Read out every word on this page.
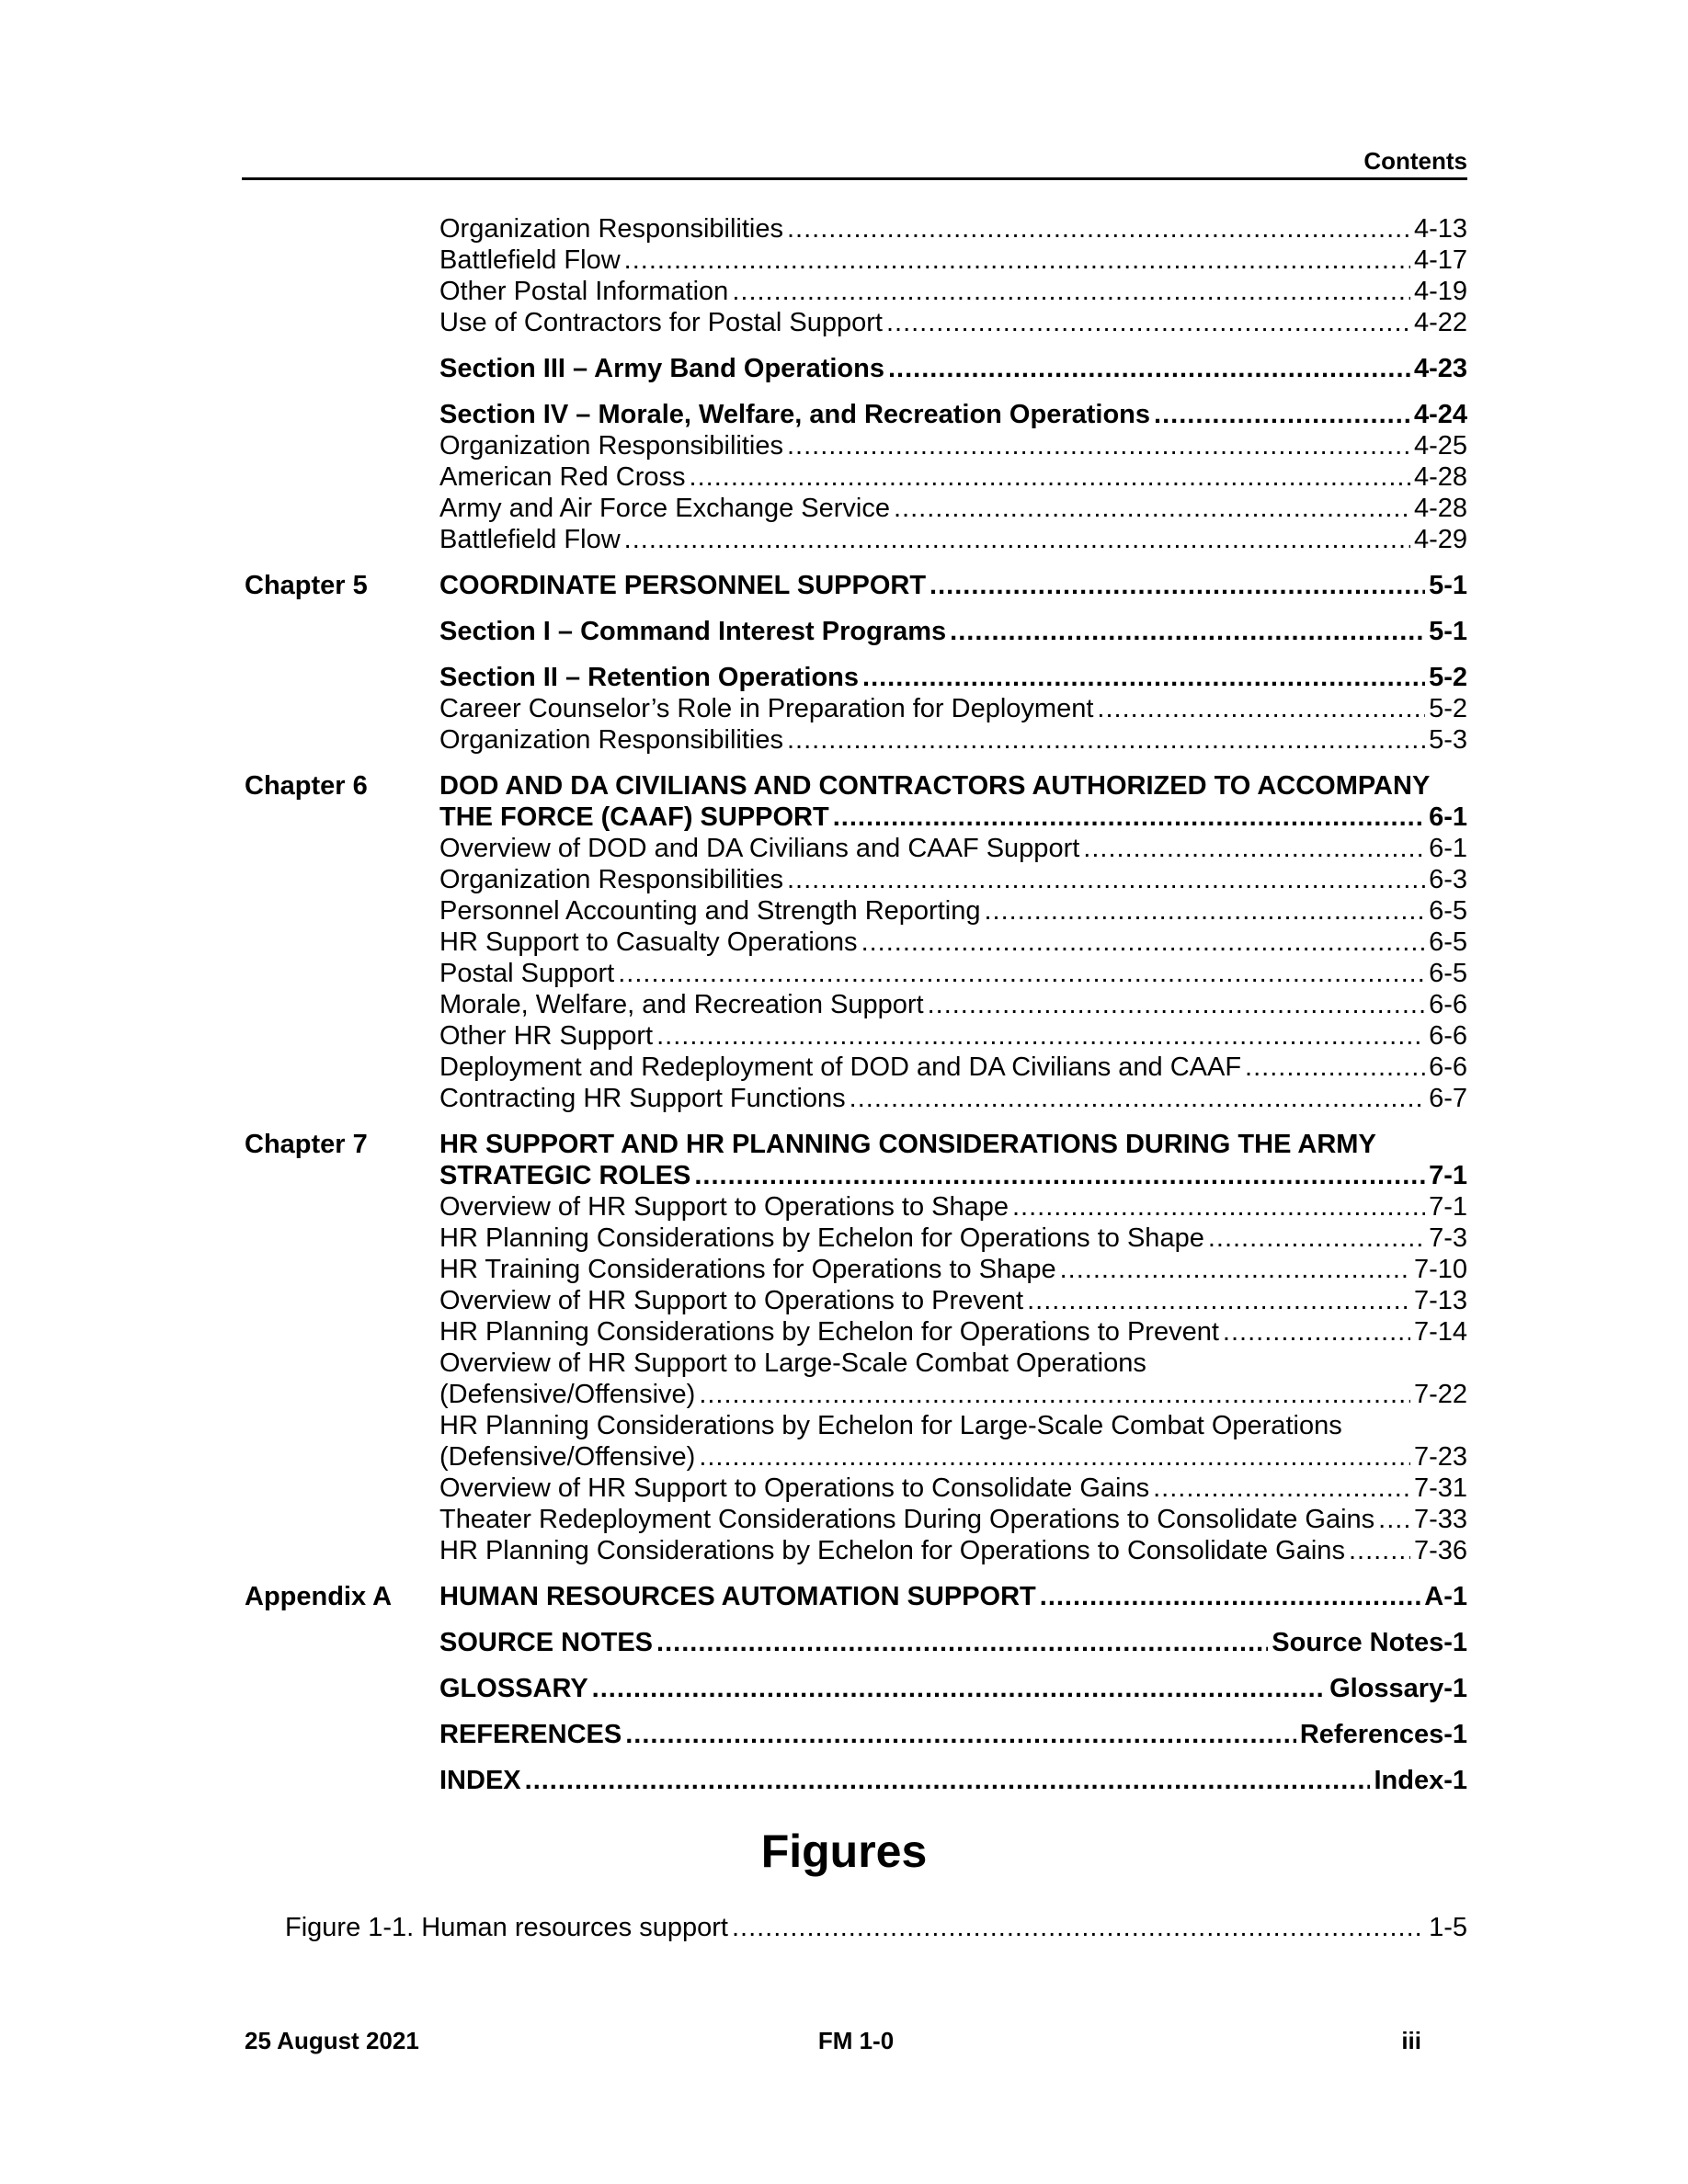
Contents
Organization Responsibilities .....	4-13
Battlefield Flow .....	4-17
Other Postal Information .....	4-19
Use of Contractors for Postal Support .....	4-22
Section III – Army Band Operations .....	4-23
Section IV – Morale, Welfare, and Recreation Operations .....	4-24
Organization Responsibilities .....	4-25
American Red Cross .....	4-28
Army and Air Force Exchange Service .....	4-28
Battlefield Flow .....	4-29
Chapter 5	COORDINATE PERSONNEL SUPPORT .....	5-1
Section I – Command Interest Programs .....	5-1
Section II – Retention Operations .....	5-2
Career Counselor’s Role in Preparation for Deployment .....	5-2
Organization Responsibilities .....	5-3
Chapter 6	DOD AND DA CIVILIANS AND CONTRACTORS AUTHORIZED TO ACCOMPANY
THE FORCE (CAAF) SUPPORT .....	6-1
Overview of DOD and DA Civilians and CAAF Support .....	6-1
Organization Responsibilities .....	6-3
Personnel Accounting and Strength Reporting .....	6-5
HR Support to Casualty Operations .....	6-5
Postal Support .....	6-5
Morale, Welfare, and Recreation Support .....	6-6
Other HR Support .....	6-6
Deployment and Redeployment of DOD and DA Civilians and CAAF .....	6-6
Contracting HR Support Functions .....	6-7
Chapter 7	HR SUPPORT AND HR PLANNING CONSIDERATIONS DURING THE ARMY
STRATEGIC ROLES .....	7-1
Overview of HR Support to Operations to Shape .....	7-1
HR Planning Considerations by Echelon for Operations to Shape .....	7-3
HR Training Considerations for Operations to Shape .....	7-10
Overview of HR Support to Operations to Prevent .....	7-13
HR Planning Considerations by Echelon for Operations to Prevent .....	7-14
Overview of HR Support to Large-Scale Combat Operations
(Defensive/Offensive) .....	7-22
HR Planning Considerations by Echelon for Large-Scale Combat Operations
(Defensive/Offensive) .....	7-23
Overview of HR Support to Operations to Consolidate Gains .....	7-31
Theater Redeployment Considerations During Operations to Consolidate Gains ..... 7-33
HR Planning Considerations by Echelon for Operations to Consolidate Gains .....	7-36
Appendix A HUMAN RESOURCES AUTOMATION SUPPORT .....	A-1
SOURCE NOTES .....	Source Notes-1
GLOSSARY .....	Glossary-1
REFERENCES .....	References-1
INDEX .....	Index-1
Figures
Figure 1-1. Human resources support .....	1-5
25 August 2021	FM 1-0	iii
